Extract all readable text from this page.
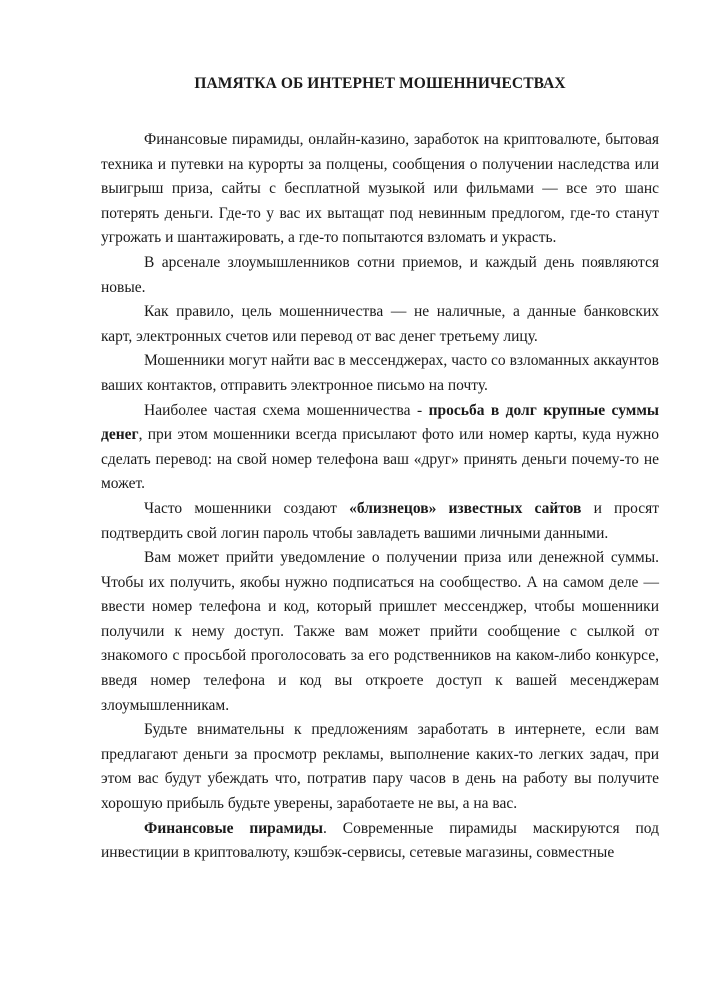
ПАМЯТКА ОБ ИНТЕРНЕТ МОШЕННИЧЕСТВАХ

Финансовые пирамиды, онлайн-казино, заработок на криптовалюте, бытовая техника и путевки на курорты за полцены, сообщения о получении наследства или выигрыш приза, сайты с бесплатной музыкой или фильмами — все это шанс потерять деньги. Где-то у вас их вытащат под невинным предлогом, где-то станут угрожать и шантажировать, а где-то попытаются взломать и украсть.

В арсенале злоумышленников сотни приемов, и каждый день появляются новые.

Как правило, цель мошенничества — не наличные, а данные банковских карт, электронных счетов или перевод от вас денег третьему лицу.

Мошенники могут найти вас в мессенджерах, часто со взломанных аккаунтов ваших контактов, отправить электронное письмо на почту.

Наиболее частая схема мошенничества - просьба в долг крупные суммы денег, при этом мошенники всегда присылают фото или номер карты, куда нужно сделать перевод: на свой номер телефона ваш «друг» принять деньги почему-то не может.

Часто мошенники создают «близнецов» известных сайтов и просят подтвердить свой логин пароль чтобы завладеть вашими личными данными.

Вам может прийти уведомление о получении приза или денежной суммы. Чтобы их получить, якобы нужно подписаться на сообщество. А на самом деле — ввести номер телефона и код, который пришлет мессенджер, чтобы мошенники получили к нему доступ. Также вам может прийти сообщение с сылкой от знакомого с просьбой проголосовать за его родственников на каком-либо конкурсе, введя номер телефона и код вы откроете доступ к вашей месенджерам злоумышленникам.

Будьте внимательны к предложениям заработать в интернете, если вам предлагают деньги за просмотр рекламы, выполнение каких-то легких задач, при этом вас будут убеждать что, потратив пару часов в день на работу вы получите хорошую прибыль будьте уверены, заработаете не вы, а на вас.

Финансовые пирамиды. Современные пирамиды маскируются под инвестиции в криптовалюту, кэшбэк-сервисы, сетевые магазины, совместные
